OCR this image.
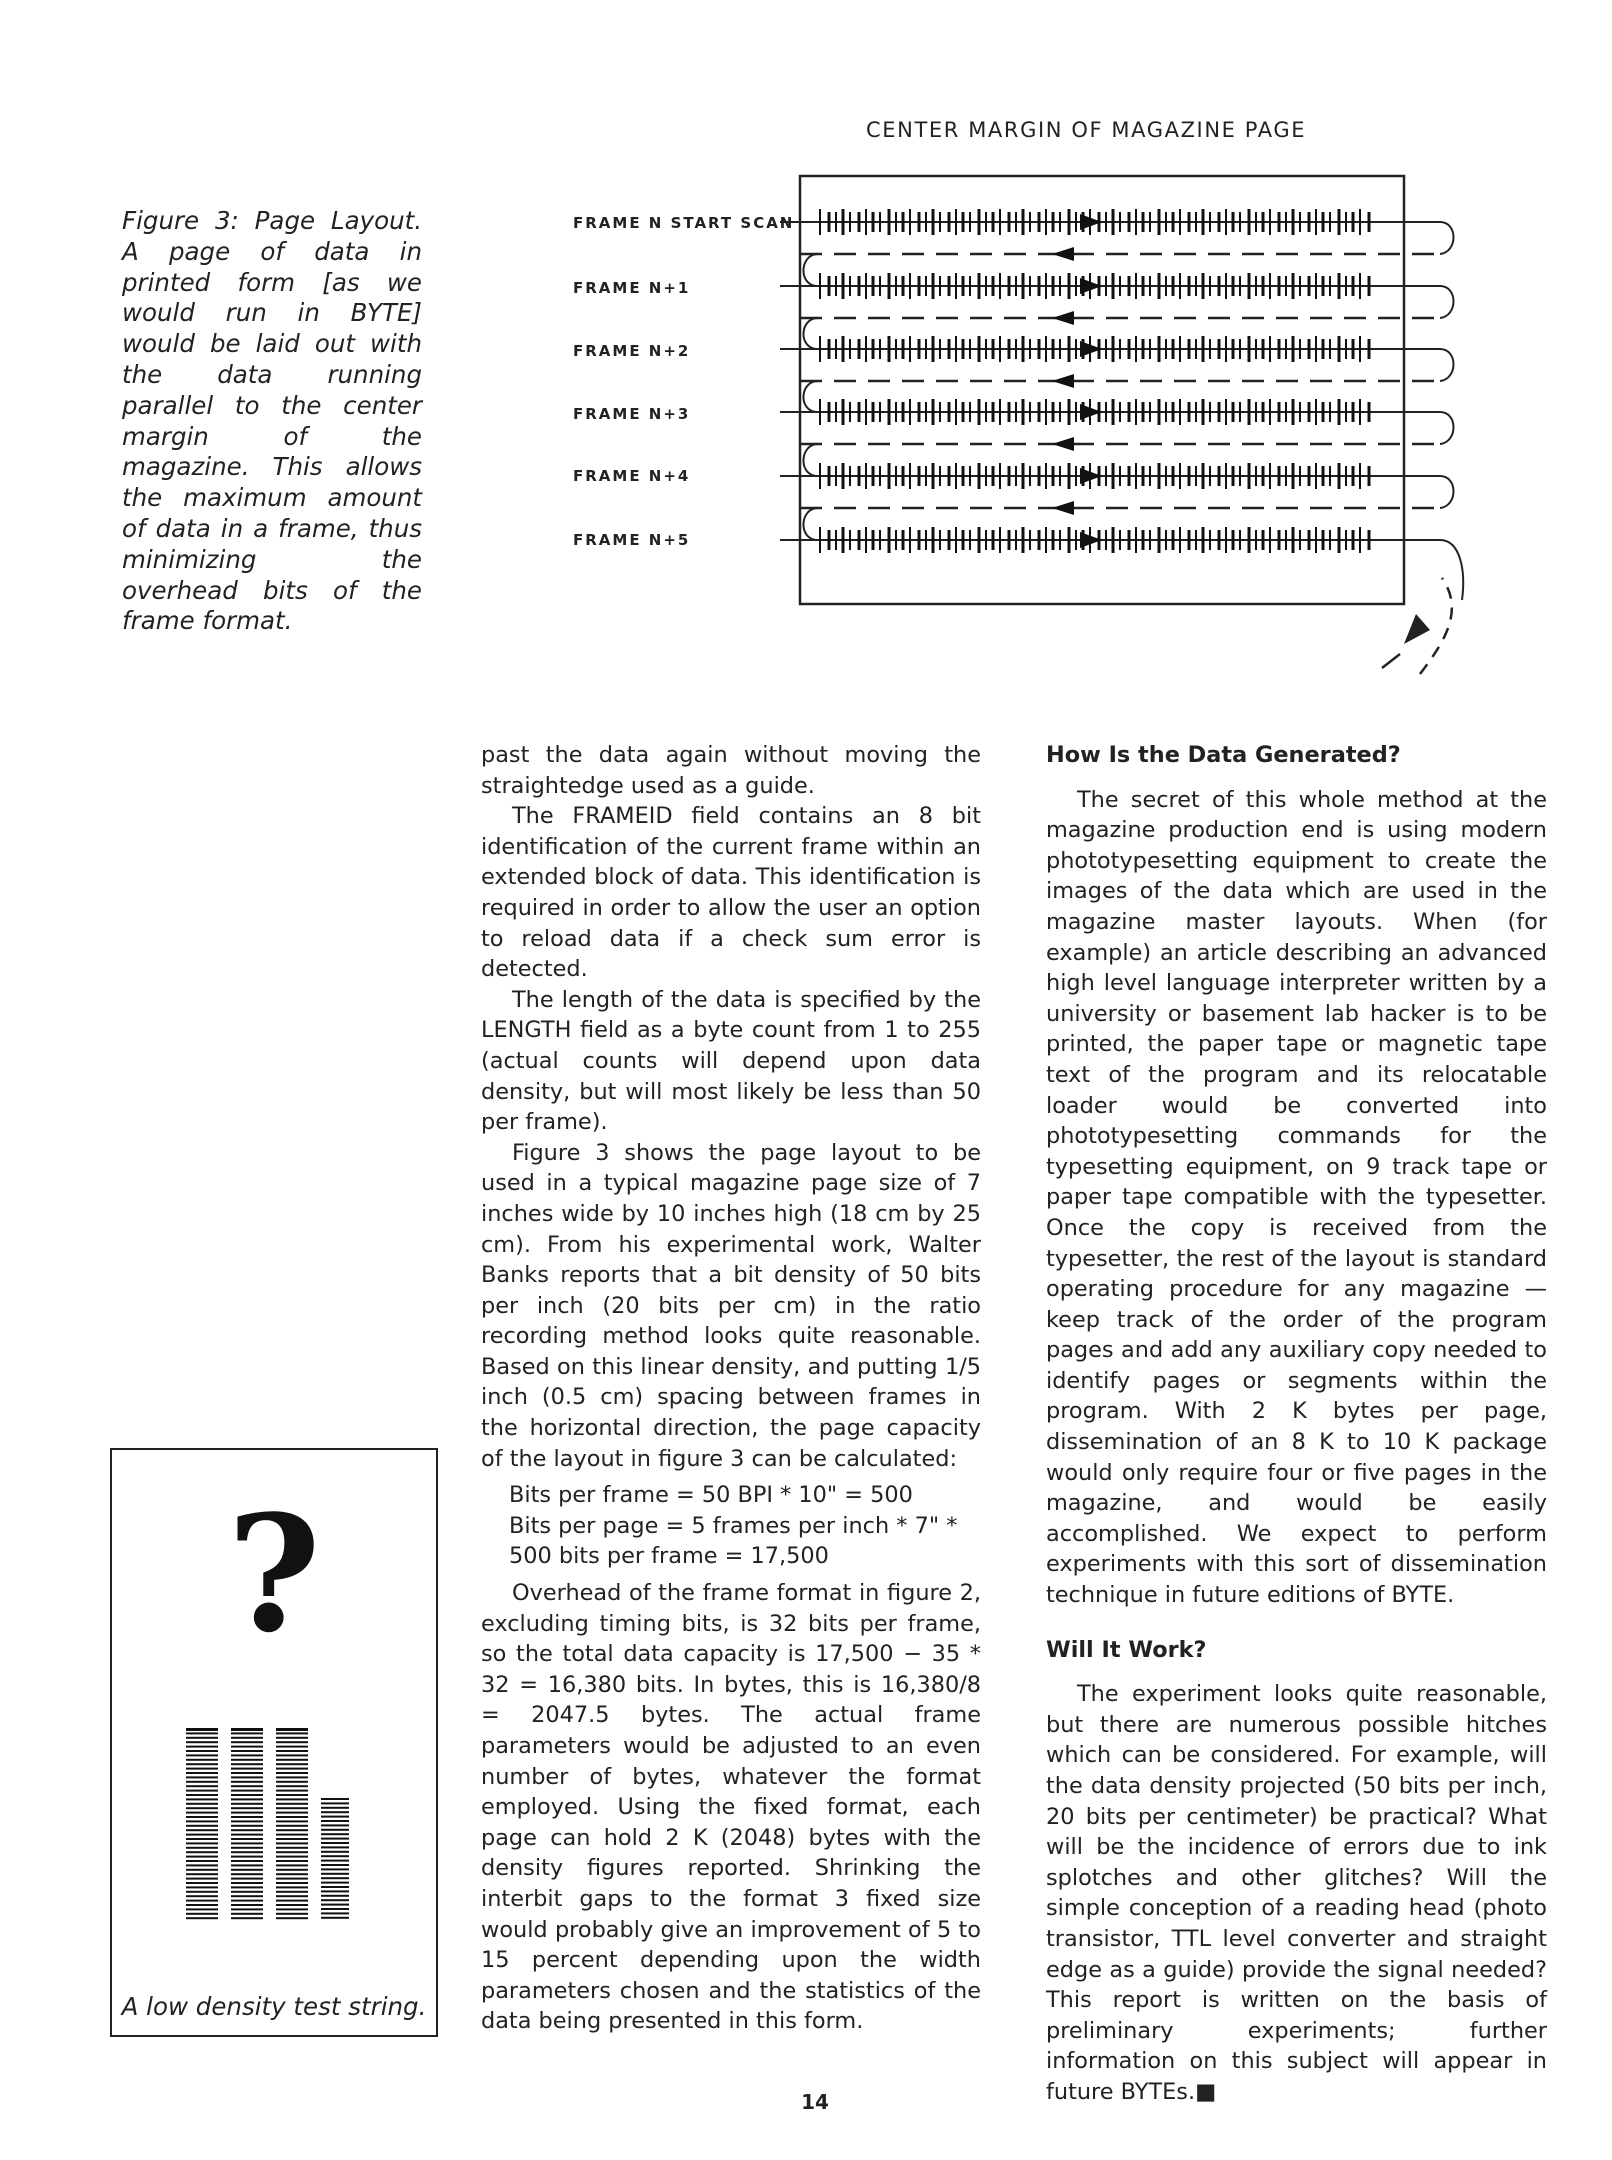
CENTER MARGIN OF MAGAZINE PAGE
Figure 3: Page Layout. A page of data in printed form [as we would run in BYTE] would be laid out with the data running parallel to the center margin of the magazine. This allows the maximum amount of data in a frame, thus minimizing the overhead bits of the frame format.
FRAME N START SCAN
FRAME N+1
FRAME N+2
FRAME N+3
FRAME N+4
FRAME N+5
?
A low density test string.

past the data again without moving the straightedge used as a guide.

The FRAMEID field contains an 8 bit identification of the current frame within an extended block of data. This identification is required in order to allow the user an option to reload data if a check sum error is detected.

The length of the data is specified by the LENGTH field as a byte count from 1 to 255 (actual counts will depend upon data density, but will most likely be less than 50 per frame).

Figure 3 shows the page layout to be used in a typical magazine page size of 7 inches wide by 10 inches high (18 cm by 25 cm). From his experimental work, Walter Banks reports that a bit density of 50 bits per inch (20 bits per cm) in the ratio recording method looks quite reasonable. Based on this linear density, and putting 1/5 inch (0.5 cm) spacing between frames in the horizontal direction, the page capacity of the layout in figure 3 can be calculated:

Bits per frame = 50 BPI * 10" = 500
Bits per page = 5 frames per inch * 7" *
500 bits per frame = 17,500

Overhead of the frame format in figure 2, excluding timing bits, is 32 bits per frame, so the total data capacity is 17,500 − 35 * 32 = 16,380 bits. In bytes, this is 16,380/8 = 2047.5 bytes. The actual frame parameters would be adjusted to an even number of bytes, whatever the format employed. Using the fixed format, each page can hold 2 K (2048) bytes with the density figures reported. Shrinking the interbit gaps to the format 3 fixed size would probably give an improvement of 5 to 15 percent depending upon the width parameters chosen and the statistics of the data being presented in this form.

How Is the Data Generated?

The secret of this whole method at the magazine production end is using modern phototypesetting equipment to create the images of the data which are used in the magazine master layouts. When (for example) an article describing an advanced high level language interpreter written by a university or basement lab hacker is to be printed, the paper tape or magnetic tape text of the program and its relocatable loader would be converted into phototypesetting commands for the typesetting equipment, on 9 track tape or paper tape compatible with the typesetter. Once the copy is received from the typesetter, the rest of the layout is standard operating procedure for any magazine — keep track of the order of the program pages and add any auxiliary copy needed to identify pages or segments within the program. With 2 K bytes per page, dissemination of an 8 K to 10 K package would only require four or five pages in the magazine, and would be easily accomplished. We expect to perform experiments with this sort of dissemination technique in future editions of BYTE.

Will It Work?

The experiment looks quite reasonable, but there are numerous possible hitches which can be considered. For example, will the data density projected (50 bits per inch, 20 bits per centimeter) be practical? What will be the incidence of errors due to ink splotches and other glitches? Will the simple conception of a reading head (photo transistor, TTL level converter and straight edge as a guide) provide the signal needed? This report is written on the basis of preliminary experiments; further information on this subject will appear in future BYTEs.■

14
